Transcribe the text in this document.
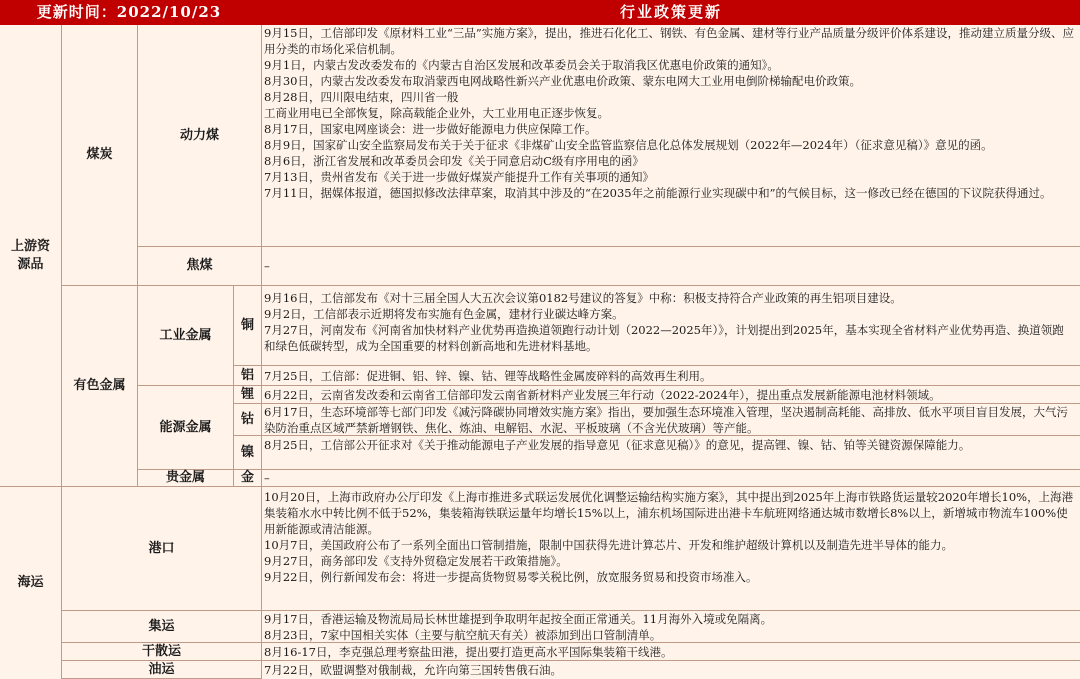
更新时间：2022/10/23	行业政策更新
上游资源品
海运
煤炭
有色金属
动力煤
焦煤
工业金属
能源金属
贵金属
铜
铝
锂
钴
镍
金
港口
集运
干散运
油运
9月15日，工信部印发《原材料工业“三品”实施方案》，提出，推进石化化工、钢铁、有色金属、建材等行业产品质量分级评价体系建设，推动建立质量分级、应用分类的市场化采信机制。
9月1日，内蒙古发改委发布的《内蒙古自治区发展和改革委员会关于取消我区优惠电价政策的通知》。
8月30日，内蒙古发改委发布取消蒙西电网战略性新兴产业优惠电价政策、蒙东电网大工业用电倒阶梯输配电价政策。
8月28日，四川限电结束，四川省一般
工商业用电已全部恢复，除高载能企业外，大工业用电正逐步恢复。
8月17日，国家电网座谈会：进一步做好能源电力供应保障工作。
8月9日，国家矿山安全监察局发布关于关于征求《非煤矿山安全监管监察信息化总体发展规划（2022年—2024年）（征求意见稿）》意见的函。
8月6日，浙江省发展和改革委员会印发《关于同意启动C级有序用电的函》
7月13日，贵州省发布《关于进一步做好煤炭产能提升工作有关事项的通知》
7月11日，据媒体报道，德国拟修改法律草案，取消其中涉及的“在2035年之前能源行业实现碳中和”的气候目标，这一修改已经在德国的下议院获得通过。
–
9月16日，工信部发布《对十三届全国人大五次会议第0182号建议的答复》中称：积极支持符合产业政策的再生铝项目建设。
9月2日，工信部表示近期将发布实施有色金属，建材行业碳达峰方案。
7月27日，河南发布《河南省加快材料产业优势再造换道领跑行动计划（2022—2025年）》，计划提出到2025年，基本实现全省材料产业优势再造、换道领跑和绿色低碳转型，成为全国重要的材料创新高地和先进材料基地。
7月25日，工信部：促进铜、铝、锌、镍、钴、锂等战略性金属废碎料的高效再生利用。
6月22日，云南省发改委和云南省工信部印发云南省新材料产业发展三年行动（2022-2024年），提出重点发展新能源电池材料领域。
6月17日，生态环境部等七部门印发《减污降碳协同增效实施方案》指出，要加强生态环境准入管理，坚决遏制高耗能、高排放、低水平项目盲目发展，大气污染防治重点区域严禁新增钢铁、焦化、炼油、电解铝、水泥、平板玻璃（不含光伏玻璃）等产能。
8月25日，工信部公开征求对《关于推动能源电子产业发展的指导意见（征求意见稿）》的意见，提高锂、镍、钴、铂等关键资源保障能力。
–
10月20日，上海市政府办公厅印发《上海市推进多式联运发展优化调整运输结构实施方案》，其中提出到2025年上海市铁路货运量较2020年增长10%，上海港集装箱水水中转比例不低于52%，集装箱海铁联运量年均增长15%以上，浦东机场国际进出港卡车航班网络通达城市数增长8%以上，新增城市物流车100%使用新能源或清洁能源。
10月7日，美国政府公布了一系列全面出口管制措施，限制中国获得先进计算芯片、开发和维护超级计算机以及制造先进半导体的能力。
9月27日，商务部印发《支持外贸稳定发展若干政策措施》。
9月22日，例行新闻发布会：将进一步提高货物贸易零关税比例，放宽服务贸易和投资市场准入。
9月17日，香港运输及物流局局长林世雄提到争取明年起按全面正常通关。11月海外入境或免隔离。
8月23日，7家中国相关实体（主要与航空航天有关）被添加到出口管制清单。
8月16-17日，李克强总理考察盐田港，提出要打造更高水平国际集装箱干线港。
7月22日，欧盟调整对俄制裁，允许向第三国转售俄石油。
